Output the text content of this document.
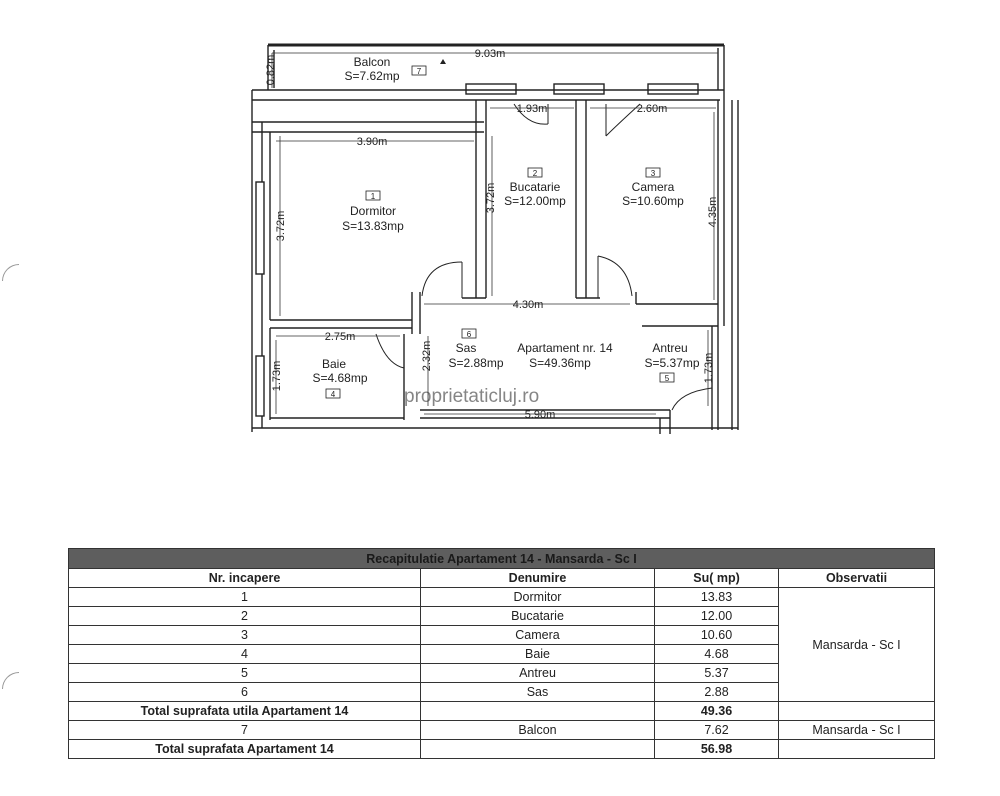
proprietaticluj.ro
9.03m
0.82m
1.93m	2.60m
3.90m
3.72m
3.72m	4.35m
4.30m
2.75m
1.73m
2.32m	1.73m
5.90m
Balcon
S=7.62mp 7
2
Bucatarie
S=12.00mp
3
Camera
S=10.60mp
1
Dormitor
S=13.83mp
6
Sas
S=2.88mp
Apartament nr. 14
S=49.36mp
Antreu
S=5.37mp
5
Baie
S=4.68mp
4
Recapitulatie Apartament 14 - Mansarda - Sc I			
Nr. incapere	Denumire	Su( mp)	Observatii
1	Dormitor	13.83	Mansarda - Sc I
2	Bucatarie	12.00	
3	Camera	10.60	
4	Baie	4.68	
5	Antreu	5.37	
6	Sas	2.88	
Total suprafata utila Apartament 14		49.36	
7	Balcon	7.62	Mansarda - Sc I
Total suprafata Apartament 14		56.98	
